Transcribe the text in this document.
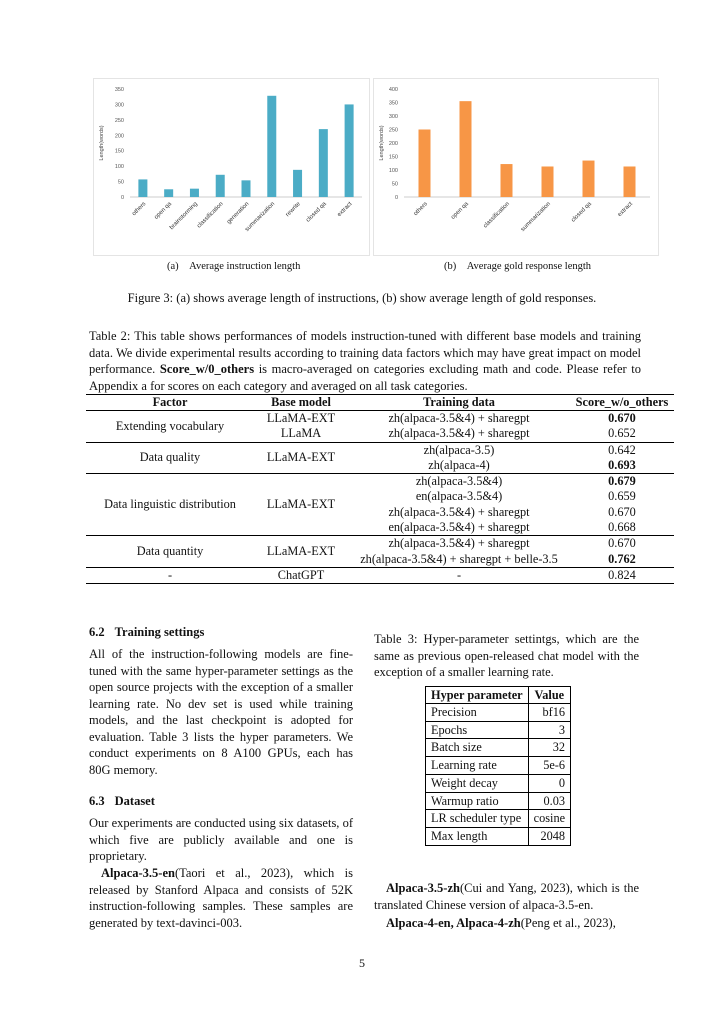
0
50
100
150
200
250
300
350
Length(words)
others open qa
brainstorming
classification generation
summarization rewrite closed qa extract
0
50
100
150
200
250
300
350
400
Length(words)
others	open qa classification summarization	closed qa	extract
(a) Average instruction length	(b) Average gold response length
Figure 3: (a) shows average length of instructions, (b) show average length of gold responses.
Table 2: This table shows performances of models instruction-tuned with different base models and training data. We divide experimental results according to training data factors which may have great impact on model performance. Score_w/0_others is macro-averaged on categories excluding math and code. Please refer to Appendix a for scores on each category and averaged on all task categories.
Factor	Base model	Training data	Score_w/o_others
Extending vocabulary	LLaMA-EXT	zh(alpaca-3.5&4) + sharegpt	0.670
	LLaMA	zh(alpaca-3.5&4) + sharegpt	0.652
Data quality	LLaMA-EXT	zh(alpaca-3.5)	0.642
		zh(alpaca-4)	0.693
Data linguistic distribution	LLaMA-EXT	zh(alpaca-3.5&4)	0.679
		en(alpaca-3.5&4)	0.659
		zh(alpaca-3.5&4) + sharegpt	0.670
		en(alpaca-3.5&4) + sharegpt	0.668
Data quantity	LLaMA-EXT	zh(alpaca-3.5&4) + sharegpt	0.670
		zh(alpaca-3.5&4) + sharegpt + belle-3.5	0.762
-	ChatGPT	-	0.824
6.2 Training settings
All of the instruction-following models are fine-tuned with the same hyper-parameter settings as the open source projects with the exception of a smaller learning rate. No dev set is used while training models, and the last checkpoint is adopted for evaluation. Table 3 lists the hyper parameters. We conduct experiments on 8 A100 GPUs, each has 80G memory.
6.3 Dataset
Our experiments are conducted using six datasets, of which five are publicly available and one is proprietary.
Alpaca-3.5-en(Taori et al., 2023), which is released by Stanford Alpaca and consists of 52K instruction-following samples. These samples are generated by text-davinci-003.
Table 3: Hyper-parameter settintgs, which are the same as previous open-released chat model with the exception of a smaller learning rate.
Hyper parameter	Value
Precision	bf16
Epochs	3
Batch size	32
Learning rate	5e-6
Weight decay	0
Warmup ratio	0.03
LR scheduler type	cosine
Max length	2048
Alpaca-3.5-zh(Cui and Yang, 2023), which is the translated Chinese version of alpaca-3.5-en.
Alpaca-4-en, Alpaca-4-zh(Peng et al., 2023),
5
